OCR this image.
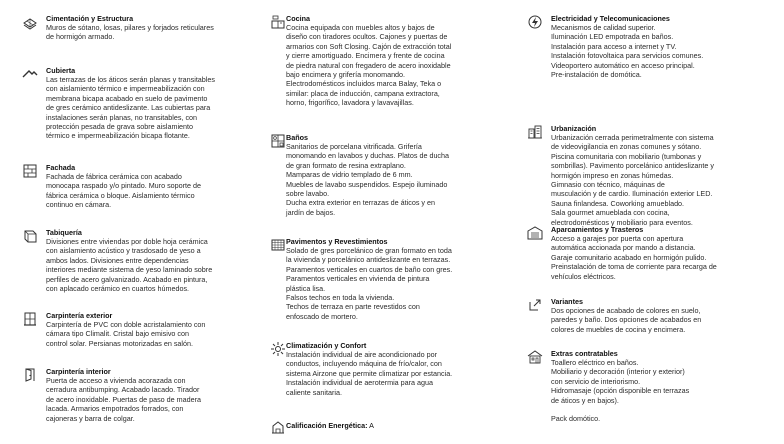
Cimentación y Estructura

Muros de sótano, losas, pilares y forjados reticulares
de hormigón armado.

Cubierta

Las terrazas de los áticos serán planas y transitables
con aislamiento térmico e impermeabilización con
membrana bicapa acabado en suelo de pavimento
de gres cerámico antideslizante. Las cubiertas para
instalaciones serán planas, no transitables, con
protección pesada de grava sobre aislamiento
térmico e impermeabilización bicapa flotante.

Fachada

Fachada de fábrica cerámica con acabado
monocapa raspado y/o pintado. Muro soporte de
fábrica cerámica o bloque. Aislamiento térmico
continuo en cámara.

Tabiquería

Divisiones entre viviendas por doble hoja cerámica
con aislamiento acústico y trasdosado de yeso a
ambos lados. Divisiones entre dependencias
interiores mediante sistema de yeso laminado sobre
perfiles de acero galvanizado. Acabado en pintura,
con aplacado cerámico en cuartos húmedos.

Carpintería exterior

Carpintería de PVC con doble acristalamiento con
cámara tipo Climalit. Cristal bajo emisivo con
control solar. Persianas motorizadas en salón.

Carpintería interior

Puerta de acceso a vivienda acorazada con
cerradura antibumping. Acabado lacado. Tirador
de acero inoxidable. Puertas de paso de madera
lacada. Armarios empotrados forrados, con
cajoneras y barra de colgar.

Cocina

Cocina equipada con muebles altos y bajos de
diseño con tiradores ocultos. Cajones y puertas de
armarios con Soft Closing. Cajón de extracción total
y cierre amortiguado. Encimera y frente de cocina
de piedra natural con fregadero de acero inoxidable
bajo encimera y grifería monomando.
Electrodomésticos incluidos marca Balay, Teka o
similar: placa de inducción, campana extractora,
horno, frigorífico, lavadora y lavavajillas.

Baños

Sanitarios de porcelana vitrificada. Grifería
monomando en lavabos y duchas. Platos de ducha
de gran formato de resina extraplano.
Mamparas de vidrio templado de 6 mm.
Muebles de lavabo suspendidos. Espejo iluminado
sobre lavabo.
Ducha extra exterior en terrazas de áticos y en
jardín de bajos.

Pavimentos y Revestimientos

Solado de gres porcelánico de gran formato en toda
la vivienda y porcelánico antideslizante en terrazas.
Paramentos verticales en cuartos de baño con gres.
Paramentos verticales en vivienda de pintura
plástica lisa.
Falsos techos en toda la vivienda.
Techos de terraza en parte revestidos con
enfoscado de mortero.

Climatización y Confort

Instalación individual de aire acondicionado por
conductos, incluyendo máquina de frío/calor, con
sistema Airzone que permite climatizar por estancia.
Instalación individual de aerotermia para agua
caliente sanitaria.

Calificación Energética: A
Electricidad y Telecomunicaciones

Mecanismos de calidad superior.
Iluminación LED empotrada en baños.
Instalación para acceso a internet y TV.
Instalación fotovoltaica para servicios comunes.
Videoportero automático en acceso principal.
Pre-instalación de domótica.

Urbanización

Urbanización cerrada perimetralmente con sistema
de videovigilancia en zonas comunes y sótano.
Piscina comunitaria con mobiliario (tumbonas y
sombrillas). Pavimento porcelánico antideslizante y
hormigón impreso en zonas húmedas.
Gimnasio con técnico, máquinas de
musculación y de cardio. Iluminación exterior LED.
Sauna finlandesa. Coworking amueblado.
Sala gourmet amueblada con cocina,
electrodomésticos y mobiliario para eventos.

Aparcamientos y Trasteros

Acceso a garajes por puerta con apertura
automática accionada por mando a distancia.
Garaje comunitario acabado en hormigón pulido.
Preinstalación de toma de corriente para recarga de
vehículos eléctricos.

Variantes

Dos opciones de acabado de colores en suelo,
paredes y baño. Dos opciones de acabados en
colores de muebles de cocina y encimera.

Extras contratables

Toallero eléctrico en baños.
Mobiliario y decoración (interior y exterior)
con servicio de interiorismo.
Hidromasaje (opción disponible en terrazas
de áticos y en bajos).

Pack domótico.
